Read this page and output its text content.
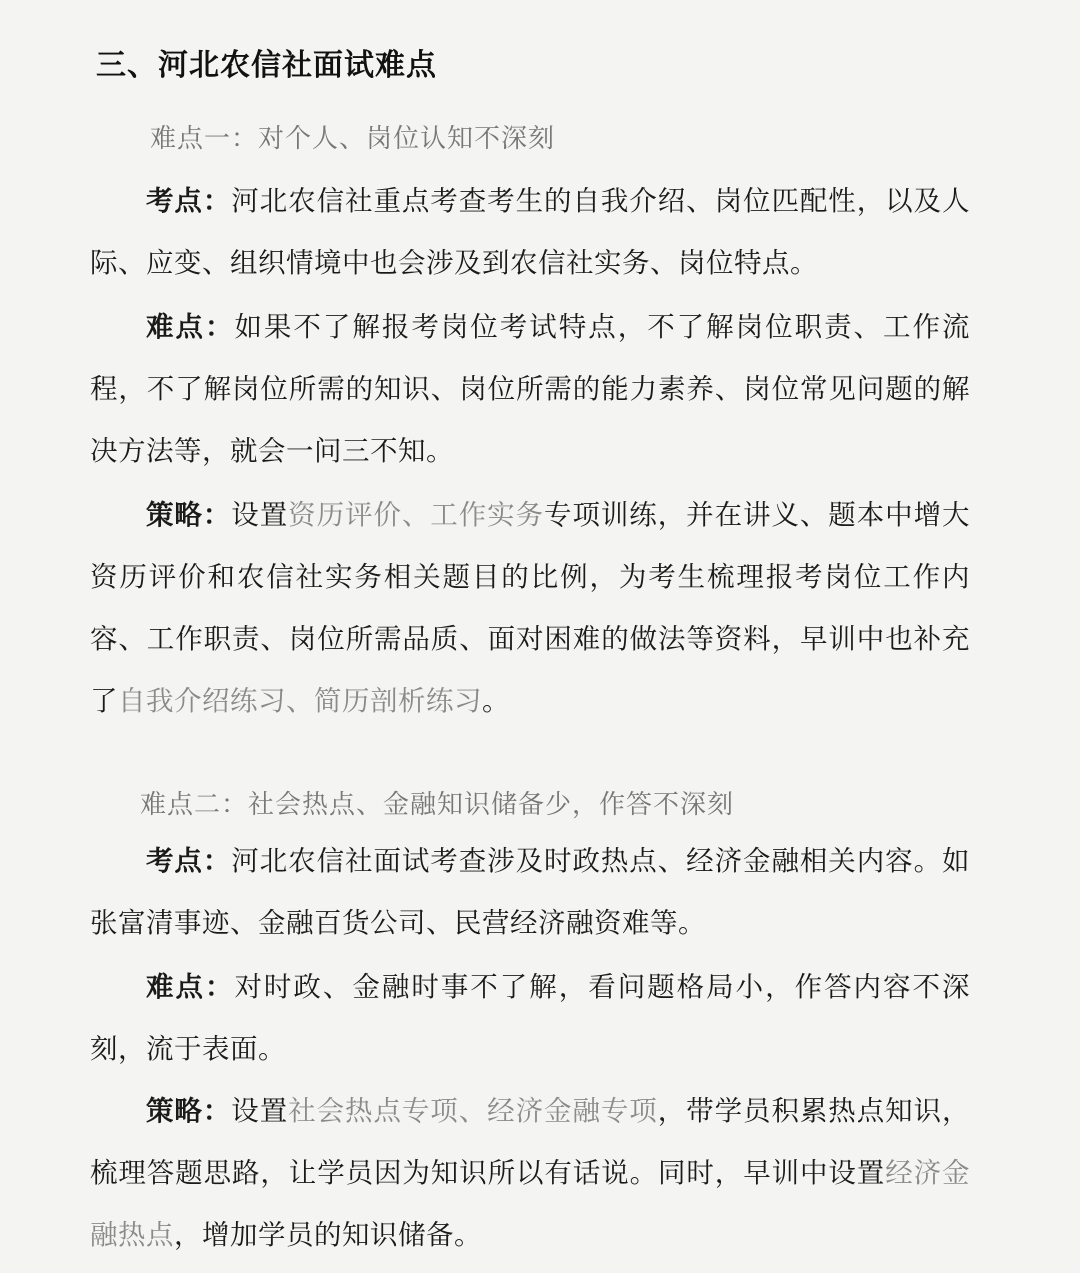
三、河北农信社面试难点
难点一：对个人、岗位认知不深刻
考点：河北农信社重点考查考生的自我介绍、岗位匹配性，以及人际、应变、组织情境中也会涉及到农信社实务、岗位特点。
难点：如果不了解报考岗位考试特点，不了解岗位职责、工作流程，不了解岗位所需的知识、岗位所需的能力素养、岗位常见问题的解决方法等，就会一问三不知。
策略：设置资历评价、工作实务专项训练，并在讲义、题本中增大资历评价和农信社实务相关题目的比例，为考生梳理报考岗位工作内容、工作职责、岗位所需品质、面对困难的做法等资料，早训中也补充了自我介绍练习、简历剖析练习。
难点二：社会热点、金融知识储备少，作答不深刻
考点：河北农信社面试考查涉及时政热点、经济金融相关内容。如张富清事迹、金融百货公司、民营经济融资难等。
难点：对时政、金融时事不了解，看问题格局小，作答内容不深刻，流于表面。
策略：设置社会热点专项、经济金融专项，带学员积累热点知识，梳理答题思路，让学员因为知识所以有话说。同时，早训中设置经济金融热点，增加学员的知识储备。
